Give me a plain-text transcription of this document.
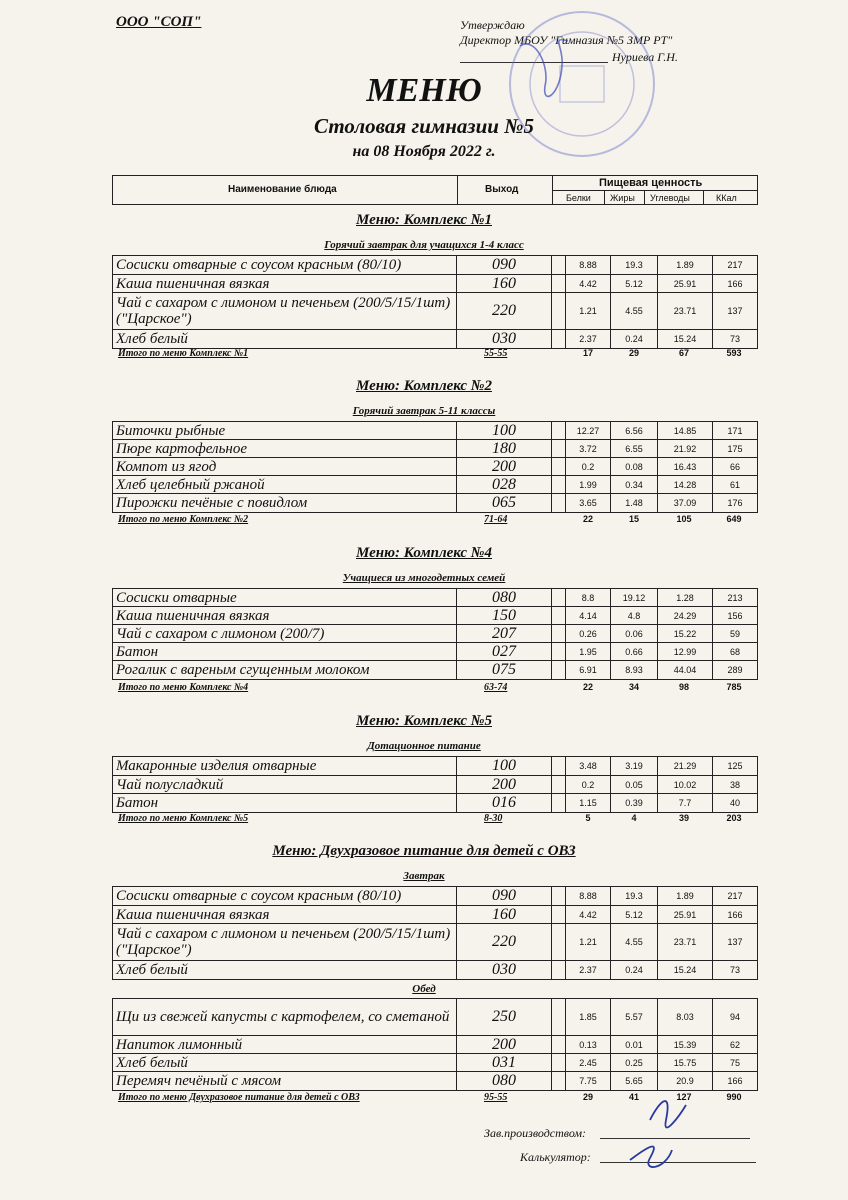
ООО "СОП"	Утверждаю
Директор МБОУ "Гимназия №5 ЗМР РТ"
Нуриева Г.Н.
МЕНЮ
Столовая гимназии №5
на 08 Ноября 2022 г.
Наименование блюда	Выход
Пищевая ценность
Белки Жиры Углеводы	ККал
Меню: Комплекс №1
Горячий завтрак для учащихся 1-4 класс
Сосиски отварные с соусом красным (80/10)	090	8.88	19.3	1.89	217
Каша пшеничная вязкая	160	4.42	5.12	25.91	166
Чай с сахаром с лимоном и печеньем (200/5/15/1шт) ("Царское")	220	1.21	4.55	23.71	137
Хлеб белый	030	2.37	0.24	15.24	73
Итого по меню Комплекс №1	55-55	17	29	67	593
Меню: Комплекс №2
Горячий завтрак 5-11 классы
Биточки рыбные	100	12.27	6.56	14.85	171
Пюре картофельное	180	3.72	6.55	21.92	175
Компот из ягод	200	0.2	0.08	16.43	66
Хлеб целебный ржаной	028	1.99	0.34	14.28	61
Пирожки печёные с повидлом	065	3.65	1.48	37.09	176
Итого по меню Комплекс №2	71-64	22	15	105	649
Меню: Комплекс №4
Учащиеся из многодетных семей
Сосиски отварные	080	8.8	19.12	1.28	213
Каша пшеничная вязкая	150	4.14	4.8	24.29	156
Чай с сахаром с лимоном (200/7)	207	0.26	0.06	15.22	59
Батон	027	1.95	0.66	12.99	68
Рогалик с вареным сгущенным молоком	075	6.91	8.93	44.04	289
Итого по меню Комплекс №4	63-74	22	34	98	785
Меню: Комплекс №5
Дотационное питание
Макаронные изделия отварные	100	3.48	3.19	21.29	125
Чай полусладкий	200	0.2	0.05	10.02	38
Батон	016	1.15	0.39	7.7	40
Итого по меню Комплекс №5	8-30	5	4	39	203
Меню: Двухразовое питание для детей с ОВЗ
Завтрак
Сосиски отварные с соусом красным (80/10)	090	8.88	19.3	1.89	217
Каша пшеничная вязкая	160	4.42	5.12	25.91	166
Чай с сахаром с лимоном и печеньем (200/5/15/1шт) ("Царское")	220	1.21	4.55	23.71	137
Хлеб белый	030	2.37	0.24	15.24	73
Обед
Щи из свежей капусты с картофелем, со сметаной	250	1.85	5.57	8.03	94
Напиток лимонный	200	0.13	0.01	15.39	62
Хлеб белый	031	2.45	0.25	15.75	75
Перемяч печёный с мясом	080	7.75	5.65	20.9	166
Итого по меню Двухразовое питание для детей с ОВЗ	95-55	29	41	127	990
Зав.производством:
Калькулятор:
